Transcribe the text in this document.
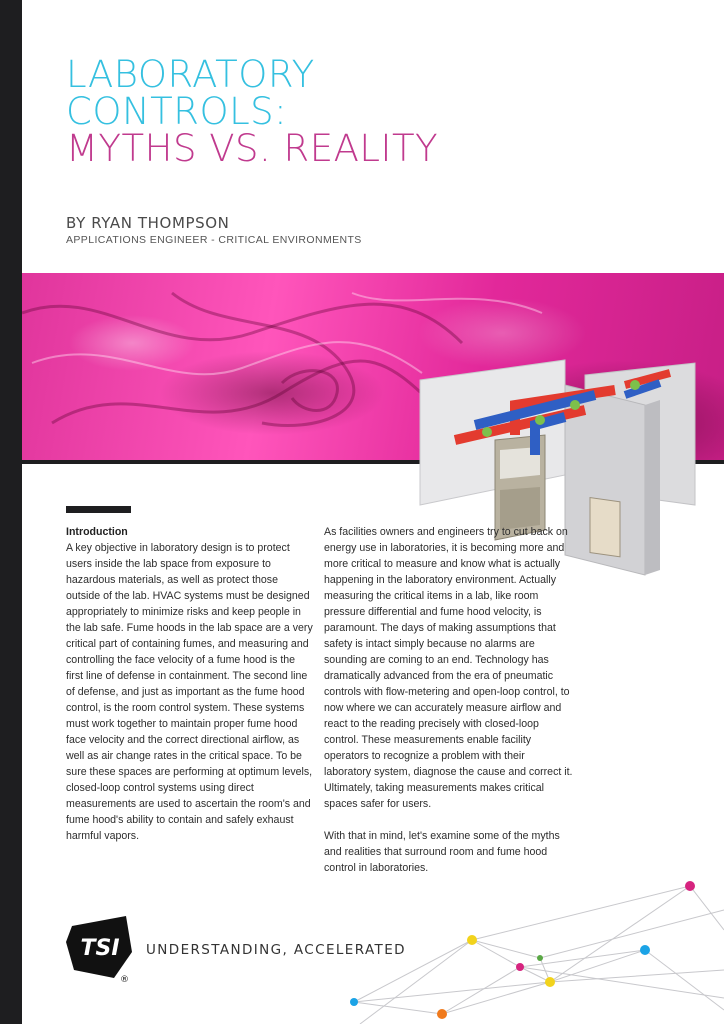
LABORATORY
CONTROLS:
MYTHS VS. REALITY
BY RYAN THOMPSON
APPLICATIONS ENGINEER - CRITICAL ENVIRONMENTS

Introduction

A key objective in laboratory design is to protect users inside the lab space from exposure to hazardous materials, as well as protect those outside of the lab. HVAC systems must be designed appropriately to minimize risks and keep people in the lab safe. Fume hoods in the lab space are a very critical part of containing fumes, and measuring and controlling the face velocity of a fume hood is the first line of defense in containment. The second line of defense, and just as important as the fume hood control, is the room control system. These systems must work together to maintain proper fume hood face velocity and the correct directional airflow, as well as air change rates in the critical space. To be sure these spaces are performing at optimum levels, closed-loop control systems using direct measurements are used to ascertain the room's and fume hood's ability to contain and safely exhaust harmful vapors.

As facilities owners and engineers try to cut back on energy use in laboratories, it is becoming more and more critical to measure and know what is actually happening in the laboratory environment. Actually measuring the critical items in a lab, like room pressure differential and fume hood velocity, is paramount. The days of making assumptions that safety is intact simply because no alarms are sounding are coming to an end. Technology has dramatically advanced from the era of pneumatic controls with flow-metering and open-loop control, to now where we can accurately measure airflow and react to the reading precisely with closed-loop control. These measurements enable facility operators to recognize a problem with their laboratory system, diagnose the cause and correct it. Ultimately, taking measurements makes critical spaces safer for users.

With that in mind, let's examine some of the myths and realities that surround room and fume hood control in laboratories.

TSI
®
UNDERSTANDING, ACCELERATED
